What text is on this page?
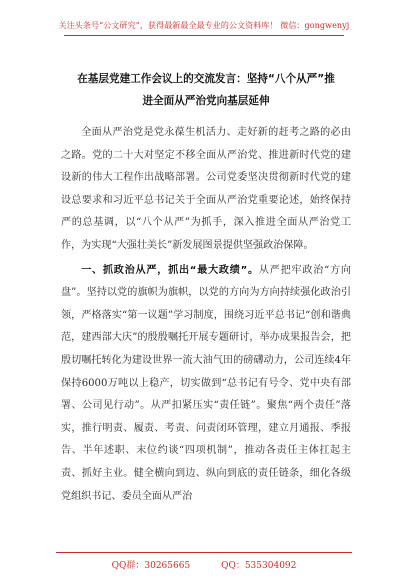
关注头条号“公文研究”，获得最新最全最专业的公文资料库！ 微信：gongwenyj
在基层党建工作会议上的交流发言：坚持“八个从严”推
进全面从严治党向基层延伸

全面从严治党是党永葆生机活力、走好新的赶考之路的必由之路。党的二十大对坚定不移全面从严治党、推进新时代党的建设新的伟大工程作出战略部署。公司党委坚决贯彻新时代党的建设总要求和习近平总书记关于全面从严治党重要论述，始终保持严的总基调，以“八个从严”为抓手，深入推进全面从严治党工作，为实现“大强壮美长”新发展图景提供坚强政治保障。

一、抓政治从严，抓出“最大政绩”。从严把牢政治“方向盘”。坚持以党的旗帜为旗帜，以党的方向为方向持续强化政治引领，严格落实“第一议题”学习制度，围绕习近平总书记“创和谐典范，建西部大庆”的殷殷嘱托开展专题研讨，举办成果报告会，把殷切嘱托转化为建设世界一流大油气田的磅礴动力，公司连续4年保持6000万吨以上稳产，切实做到“总书记有号令、党中央有部署、公司见行动”。从严扣紧压实“责任链”。聚焦“两个责任”落实，推行明责、履责、考责、问责闭环管理，建立月通报、季报告、半年述职、末位约谈“四项机制”，推动各责任主体扛起主责、抓好主业。健全横向到边、纵向到底的责任链条，细化各级党组织书记、委员全面从严治

QQ群：30265665	QQ：535304092
